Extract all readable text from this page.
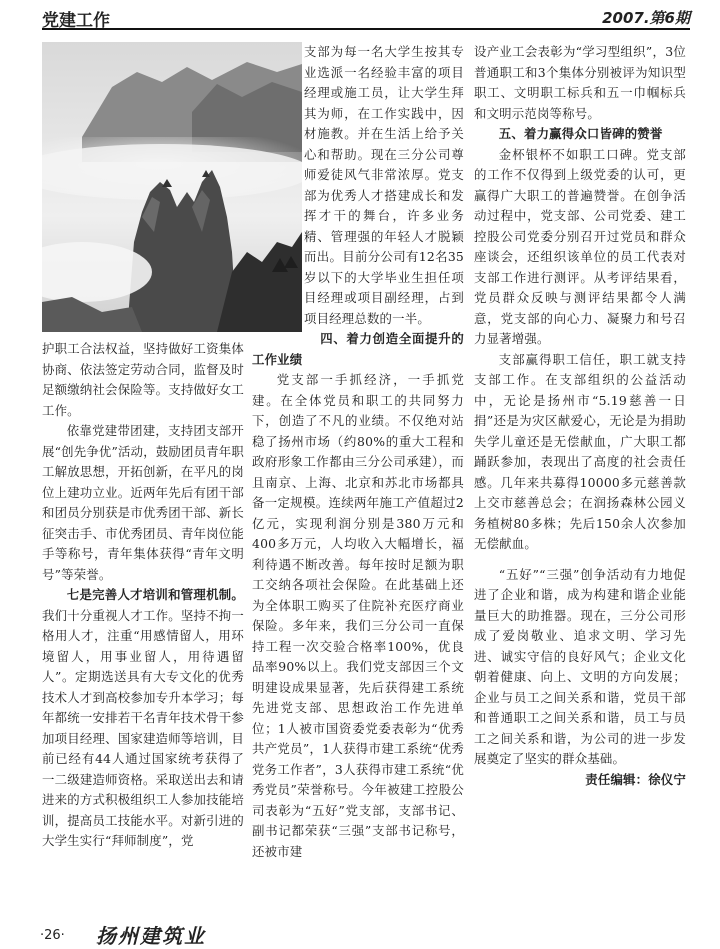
党建工作	2007.第6期

支部为每一名大学生按其专业选派一名经验丰富的项目经理或施工员，让大学生拜其为师，在工作实践中，因材施教。并在生活上给予关心和帮助。现在三分公司尊师爱徒风气非常浓厚。党支部为优秀人才搭建成长和发挥才干的舞台，许多业务精、管理强的年轻人才脱颖而出。目前分公司有12名35岁以下的大学毕业生担任项目经理或项目副经理，占到项目经理总数的一半。

四、着力创造全面提升的工作业绩

党支部一手抓经济，一手抓党建。在全体党员和职工的共同努力下，创造了不凡的业绩。不仅绝对站稳了扬州市场（约80%的重大工程和政府形象工作都由三分公司承建），而且南京、上海、北京和苏北市场都具备一定规模。连续两年施工产值超过2亿元，实现利润分别是380万元和400多万元，人均收入大幅增长，福利待遇不断改善。每年按时足额为职工交纳各项社会保险。在此基础上还为全体职工购买了住院补充医疗商业保险。多年来，我们三分公司一直保持工程一次交验合格率100%，优良品率90%以上。我们党支部因三个文明建设成果显著，先后获得建工系统先进党支部、思想政治工作先进单位；1人被市国资委党委表彰为“优秀共产党员”，1人获得市建工系统“优秀党务工作者”，3人获得市建工系统“优秀党员”荣誉称号。今年被建工控股公司表彰为“五好”党支部，支部书记、副书记都荣获“三强”支部书记称号，还被市建

护职工合法权益，坚持做好工资集体协商、依法签定劳动合同，监督及时足额缴纳社会保险等。支持做好女工工作。

依靠党建带团建，支持团支部开展“创先争优”活动，鼓励团员青年职工解放思想，开拓创新，在平凡的岗位上建功立业。近两年先后有团干部和团员分别获是市优秀团干部、新长征突击手、市优秀团员、青年岗位能手等称号，青年集体获得“青年文明号”等荣誉。

七是完善人才培训和管理机制。我们十分重视人才工作。坚持不拘一格用人才，注重“用感情留人，用环境留人，用事业留人，用待遇留人”。定期选送具有大专文化的优秀技术人才到高校参加专升本学习；每年都统一安排若干名青年技术骨干参加项目经理、国家建造师等培训，目前已经有44人通过国家统考获得了一二级建造师资格。采取送出去和请进来的方式积极组织工人参加技能培训，提高员工技能水平。对新引进的大学生实行“拜师制度”，党

设产业工会表彰为“学习型组织”，3位普通职工和3个集体分别被评为知识型职工、文明职工标兵和五一巾帼标兵和文明示范岗等称号。

五、着力赢得众口皆碑的赞誉

金杯银杯不如职工口碑。党支部的工作不仅得到上级党委的认可，更赢得广大职工的普遍赞誉。在创争活动过程中，党支部、公司党委、建工控股公司党委分别召开过党员和群众座谈会，还组织该单位的员工代表对支部工作进行测评。从考评结果看，党员群众反映与测评结果都令人满意，党支部的向心力、凝聚力和号召力显著增强。

支部赢得职工信任，职工就支持支部工作。在支部组织的公益活动中，无论是扬州市“5.19慈善一日捐”还是为灾区献爱心，无论是为捐助失学儿童还是无偿献血，广大职工都踊跃参加，表现出了高度的社会责任感。几年来共募得10000多元慈善款上交市慈善总会；在润扬森林公园义务植树80多株；先后150余人次参加无偿献血。

“五好”“三强”创争活动有力地促进了企业和谐，成为构建和谐企业能量巨大的助推器。现在，三分公司形成了爱岗敬业、追求文明、学习先进、诚实守信的良好风气；企业文化朝着健康、向上、文明的方向发展；企业与员工之间关系和谐，党员干部和普通职工之间关系和谐，员工与员工之间关系和谐，为公司的进一步发展奠定了坚实的群众基础。

责任编辑：徐仪宁

·26· 扬州建筑业
